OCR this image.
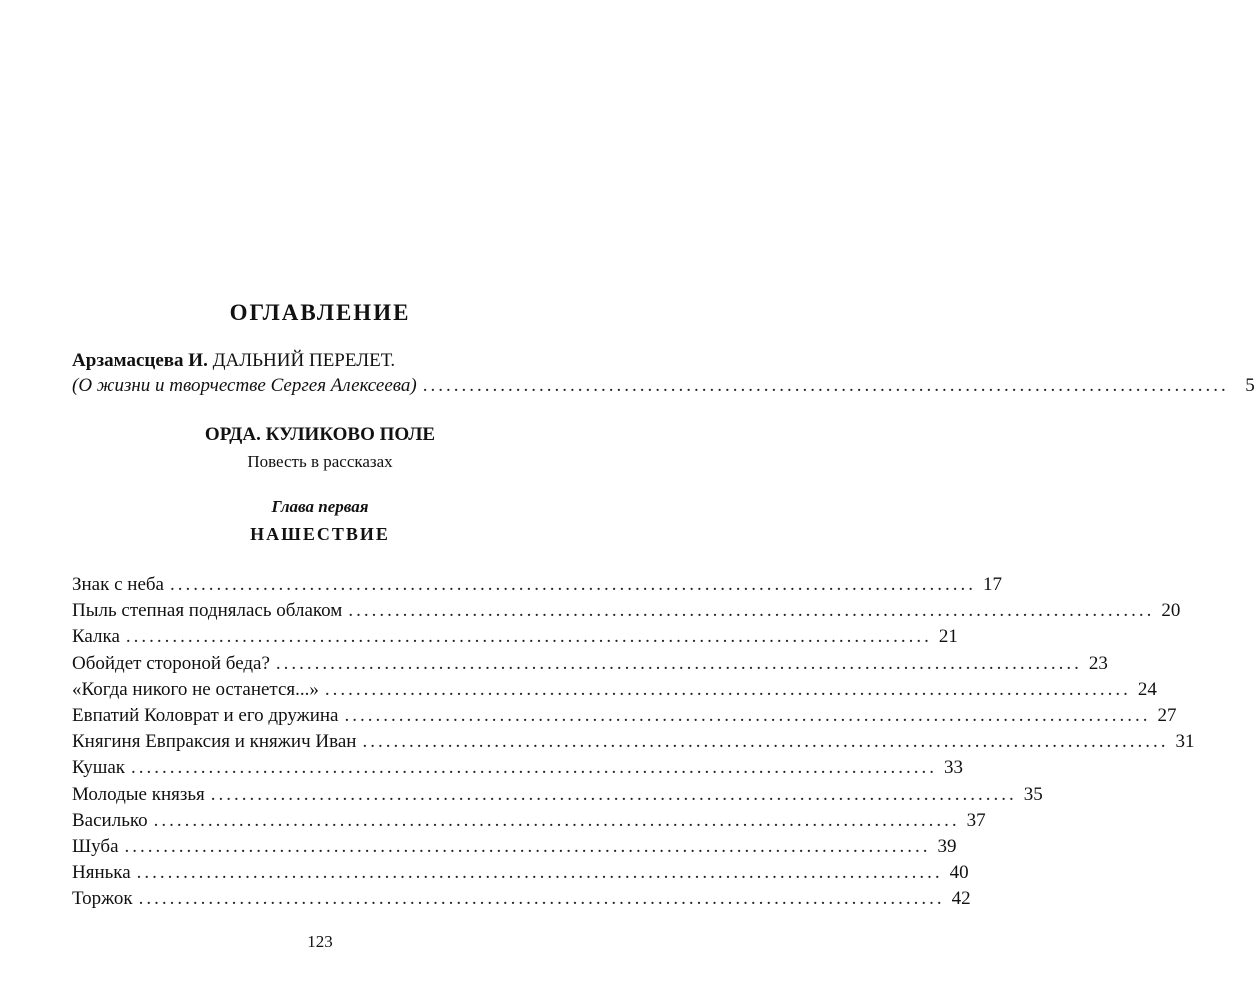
ОГЛАВЛЕНИЕ
Арзамасцева И. ДАЛЬНИЙ ПЕРЕЛЕТ.
(О жизни и творчестве Сергея Алексеева) ........................................................................................................ 5
ОРДА. КУЛИКОВО ПОЛЕ
Повесть в рассказах
Глава первая
НАШЕСТВИЕ
Знак с неба ........................................................................................................ 17
Пыль степная поднялась облаком ........................................................................................................ 20
Калка ........................................................................................................ 21
Обойдет стороной беда? ........................................................................................................ 23
«Когда никого не останется...» ........................................................................................................ 24
Евпатий Коловрат и его дружина ........................................................................................................ 27
Княгиня Евпраксия и княжич Иван ........................................................................................................ 31
Кушак ........................................................................................................ 33
Молодые князья ........................................................................................................ 35
Василько ........................................................................................................ 37
Шуба ........................................................................................................ 39
Нянька ........................................................................................................ 40
Торжок ........................................................................................................ 42
123
